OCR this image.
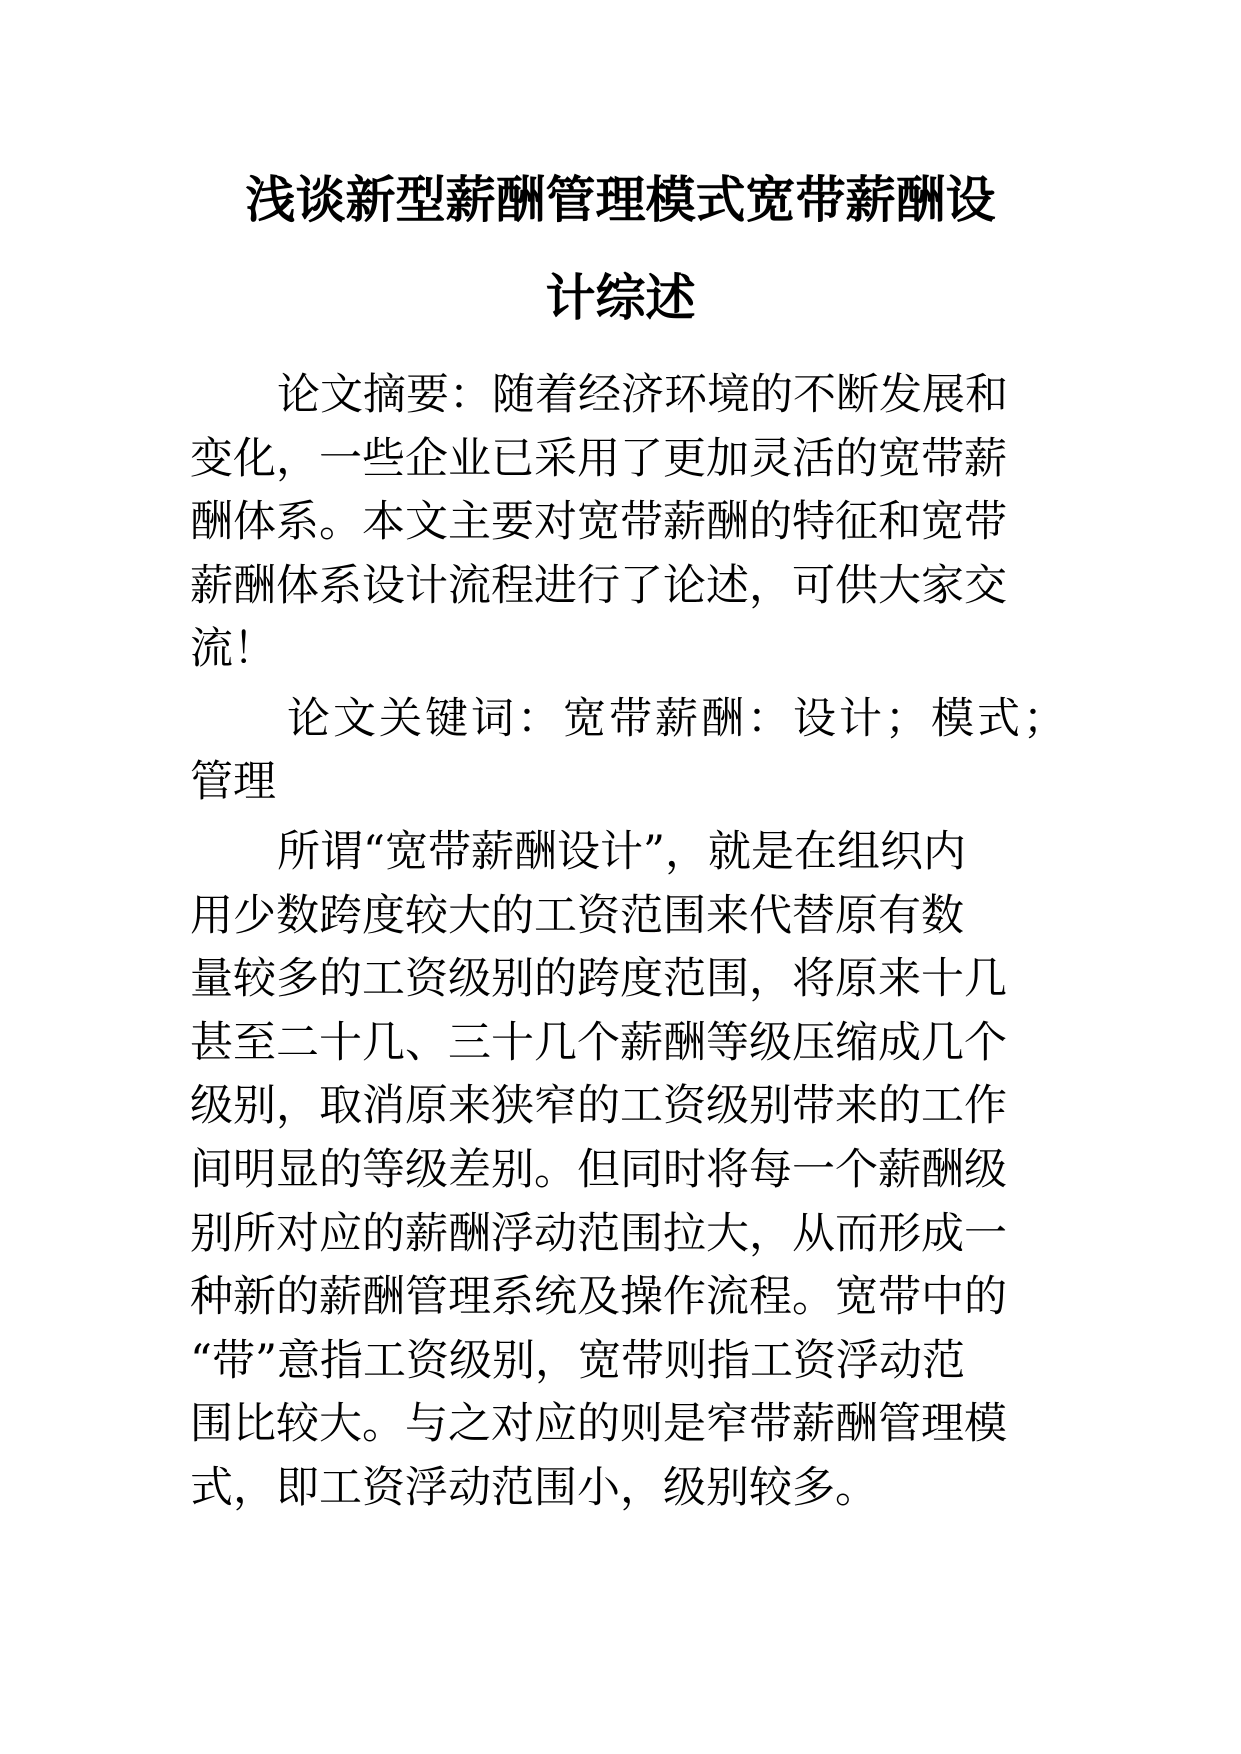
浅谈新型薪酬管理模式宽带薪酬设
计综述
论文摘要：随着经济环境的不断发展和
变化，一些企业已采用了更加灵活的宽带薪
酬体系。本文主要对宽带薪酬的特征和宽带
薪酬体系设计流程进行了论述，可供大家交
流！
论文关键词：宽带薪酬：设计；模式；
管理
所谓“宽带薪酬设计”，就是在组织内
用少数跨度较大的工资范围来代替原有数
量较多的工资级别的跨度范围，将原来十几
甚至二十几、三十几个薪酬等级压缩成几个
级别，取消原来狭窄的工资级别带来的工作
间明显的等级差别。但同时将每一个薪酬级
别所对应的薪酬浮动范围拉大，从而形成一
种新的薪酬管理系统及操作流程。宽带中的
“带”意指工资级别，宽带则指工资浮动范
围比较大。与之对应的则是窄带薪酬管理模
式，即工资浮动范围小，级别较多。
